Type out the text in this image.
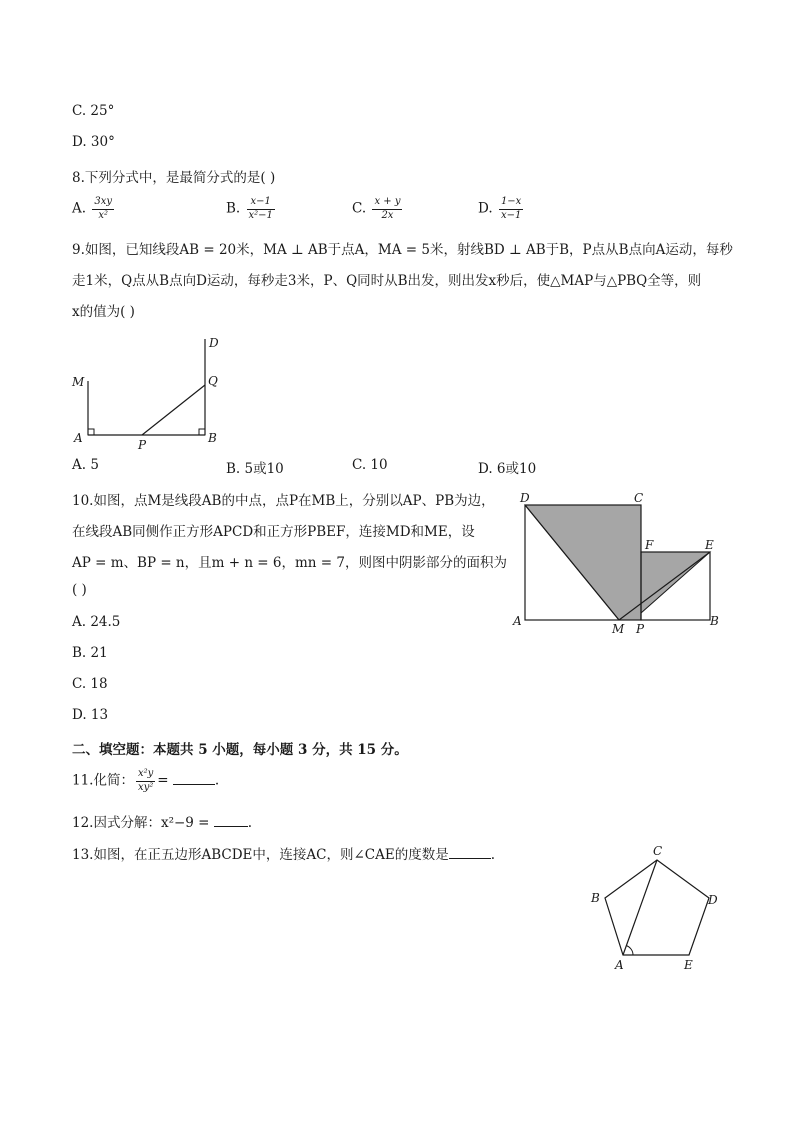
C. 25°
D. 30°
8.下列分式中，是最简分式的是( )
A. $\frac{3xy}{\text{x²}}$	B. $\frac{x-1}{\text{x²−1}}$	C. $\frac{x + y}{2x}$	D. $\frac{1-x}{x-1}$
9.如图，已知线段AB = 20米，MA ⊥ AB于点A，MA = 5米，射线BD ⊥ AB于B，P点从B点向A运动，每秒
走1米，Q点从B点向D运动，每秒走3米，P、Q同时从B出发，则出发x秒后，使△MAP与△PBQ全等，则
x的值为( )
D
M	Q
A	P	B
A. 5	B. 5或10	C. 10	D. 6或10
10.如图，点M是线段AB的中点，点P在MB上，分别以AP、PB为边，
在线段AB同侧作正方形APCD和正方形PBEF，连接MD和ME，设
AP = m、BP = n，且m + n = 6，mn = 7，则图中阴影部分的面积为
( )
D	C
F	E
A
M P
B
A. 24.5
B. 21
C. 18
D. 13
二、填空题：本题共 5 小题，每小题 3 分，共 15 分。
11.化简： $\frac{\text{x²y}}{\text{xy²}}$ =	.
12.因式分解：x²−9 =	.
13.如图，在正五边形ABCDE中，连接AC，则∠CAE的度数是	.	C
B	D
A	E
